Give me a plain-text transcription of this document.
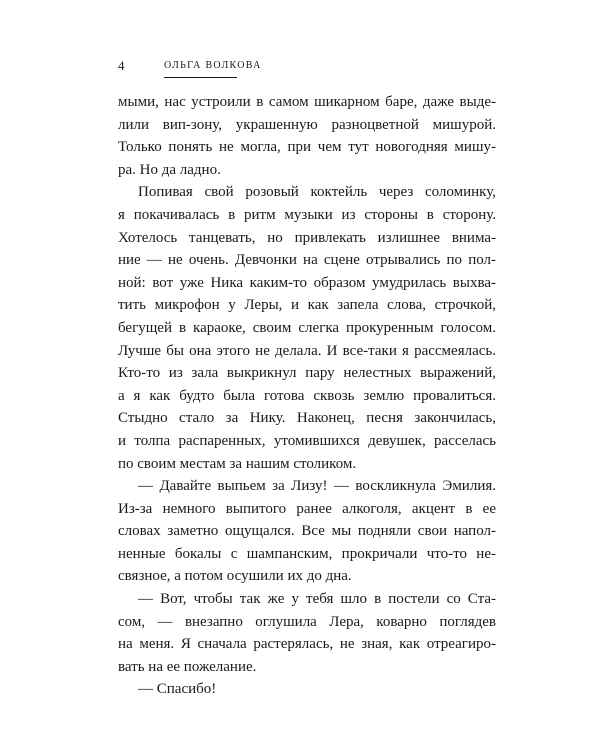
4	ОЛЬГА ВОЛКОВА
мыми, нас устроили в самом шикарном баре, даже выде-
лили вип-зону, украшенную разноцветной мишурой.
Только понять не могла, при чем тут новогодняя мишу-
ра. Но да ладно.
Попивая свой розовый коктейль через соломинку,
я покачивалась в ритм музыки из стороны в сторону.
Хотелось танцевать, но привлекать излишнее внима-
ние — не очень. Девчонки на сцене отрывались по пол-
ной: вот уже Ника каким-то образом умудрилась выхва-
тить микрофон у Леры, и как запела слова, строчкой,
бегущей в караоке, своим слегка прокуренным голосом.
Лучше бы она этого не делала. И все-таки я рассмеялась.
Кто-то из зала выкрикнул пару нелестных выражений,
а я как будто была готова сквозь землю провалиться.
Стыдно стало за Нику. Наконец, песня закончилась,
и толпа распаренных, утомившихся девушек, расселась
по своим местам за нашим столиком.
— Давайте выпьем за Лизу! — воскликнула Эмилия.
Из-за немного выпитого ранее алкоголя, акцент в ее
словах заметно ощущался. Все мы подняли свои напол-
ненные бокалы с шампанским, прокричали что-то не-
связное, а потом осушили их до дна.
— Вот, чтобы так же у тебя шло в постели со Ста-
сом, — внезапно оглушила Лера, коварно поглядев
на меня. Я сначала растерялась, не зная, как отреагиро-
вать на ее пожелание.
— Спасибо!
